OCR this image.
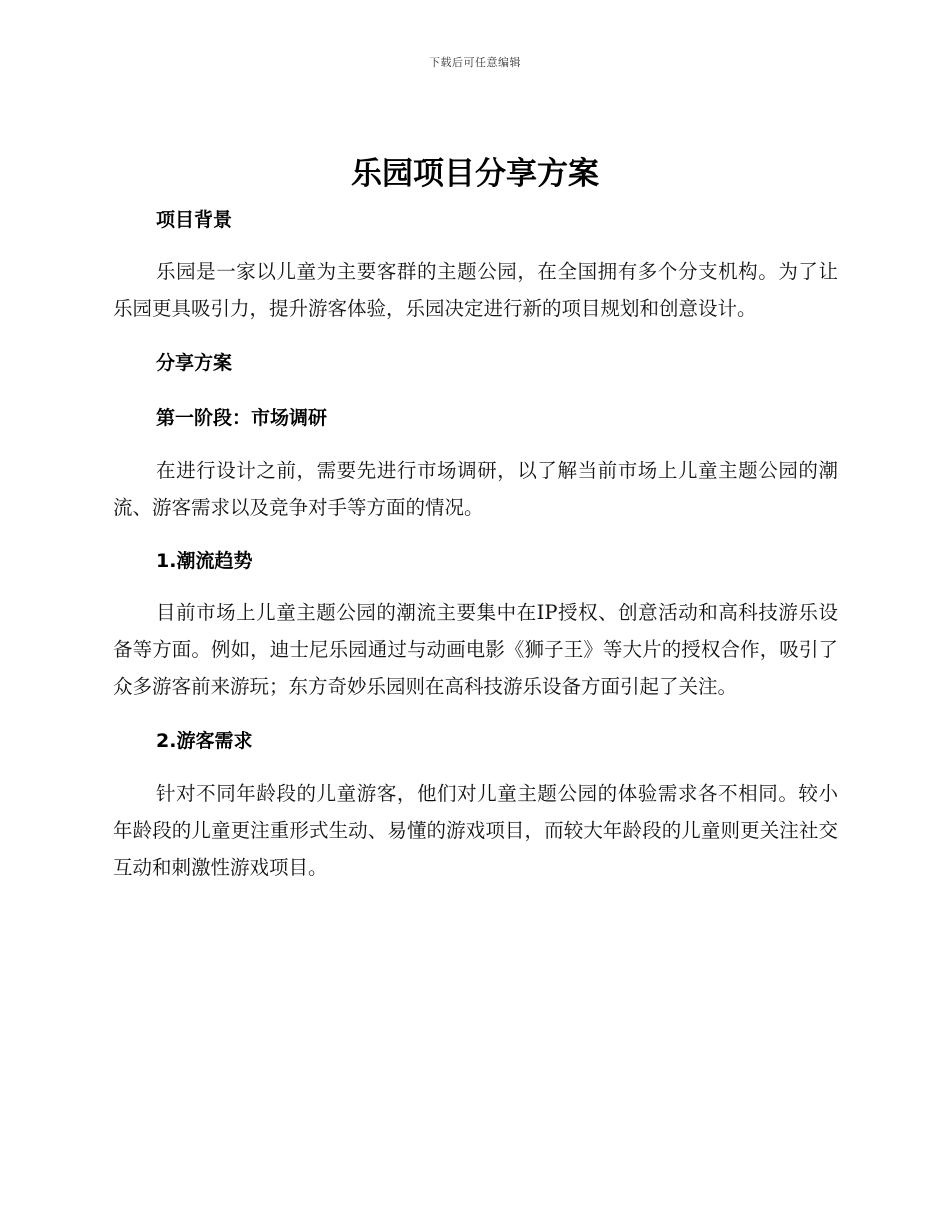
下载后可任意编辑
乐园项目分享方案
项目背景

乐园是一家以儿童为主要客群的主题公园，在全国拥有多个分支机构。为了让乐园更具吸引力，提升游客体验，乐园决定进行新的项目规划和创意设计。

分享方案
第一阶段：市场调研

在进行设计之前，需要先进行市场调研，以了解当前市场上儿童主题公园的潮流、游客需求以及竞争对手等方面的情况。

1.潮流趋势

目前市场上儿童主题公园的潮流主要集中在IP授权、创意活动和高科技游乐设备等方面。例如，迪士尼乐园通过与动画电影《狮子王》等大片的授权合作，吸引了众多游客前来游玩；东方奇妙乐园则在高科技游乐设备方面引起了关注。

2.游客需求

针对不同年龄段的儿童游客，他们对儿童主题公园的体验需求各不相同。较小年龄段的儿童更注重形式生动、易懂的游戏项目，而较大年龄段的儿童则更关注社交互动和刺激性游戏项目。
